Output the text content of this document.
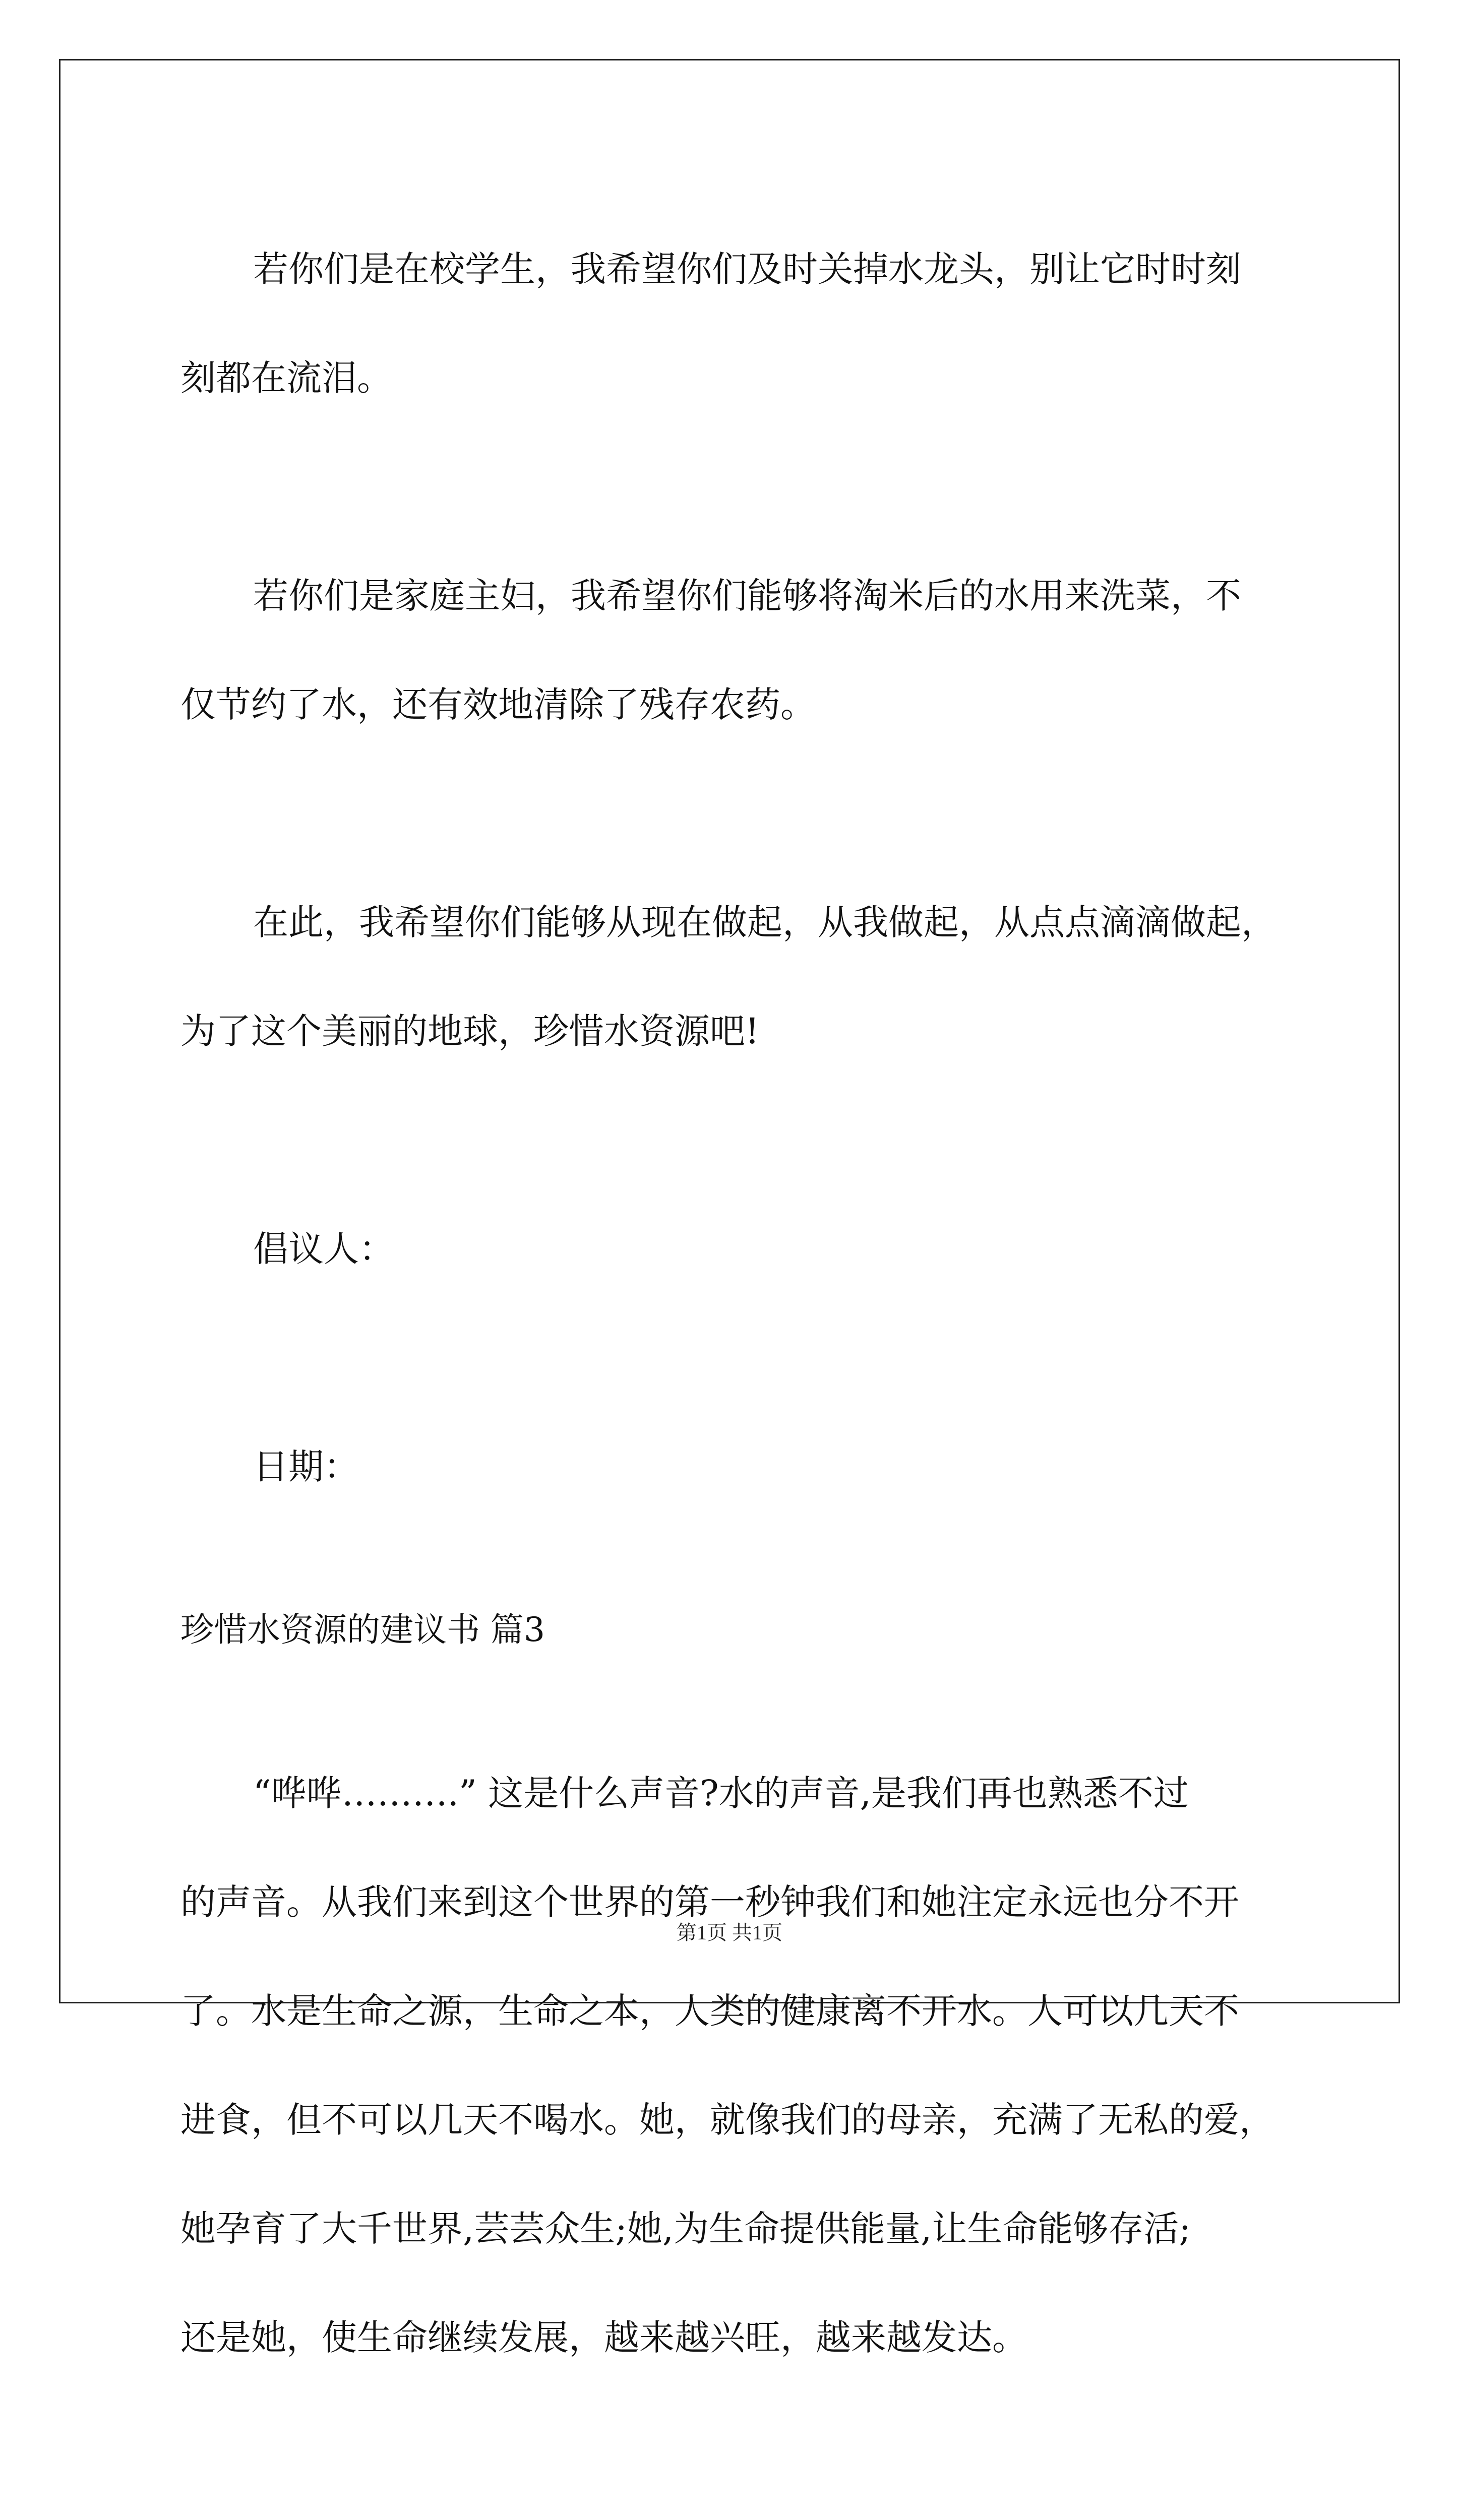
若你们是在校学生，我希望你们及时关掉水龙头，别让它时时刻

刻都在流泪。

若你们是家庭主妇，我希望你们能够将淘米后的水用来洗菜，不

仅节约了水，还有效地清除了残存农药。

在此，我希望你们能够从现在做起，从我做起，从点点滴滴做起，

为了这个美丽的地球，珍惜水资源吧!

倡议人：

日期：

珍惜水资源的建议书 篇3

“哗哗……….” 这是什么声音?水的声音,是我们再也熟悉不过

的声音。从我们来到这个世界的第一秒钟我们和她注定永远也分不开

了。水是生命之源，生命之本，人类的健康离不开水。人可以几天不

进食，但不可以几天不喝水。她，就像我们的母亲，充满了无私的爱，

她孕育了大千世界,芸芸众生;她,为生命提供能量,让生命能够存活;

还是她，使生命继续发展，越来越兴旺，越来越发达。

第1页 共1页
